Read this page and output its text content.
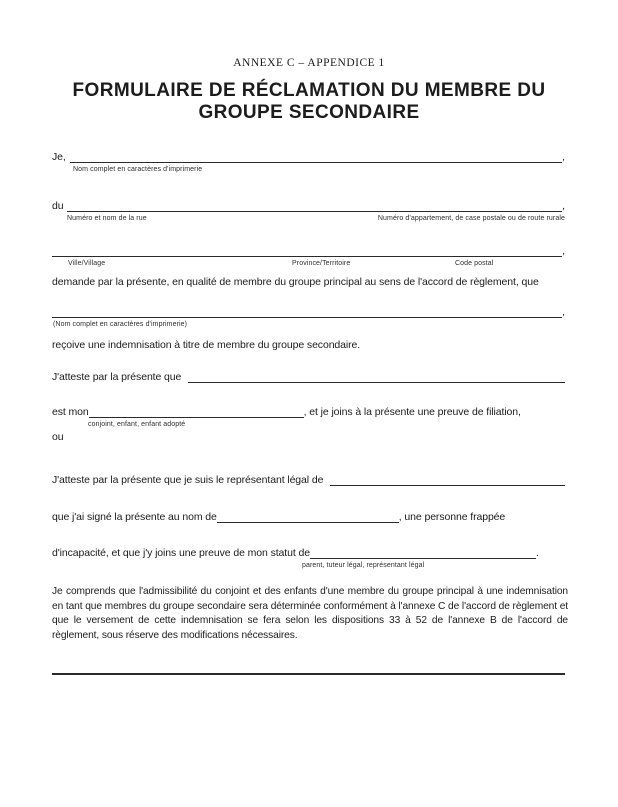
ANNEXE C – APPENDICE 1
FORMULAIRE DE RÉCLAMATION DU MEMBRE DU GROUPE SECONDAIRE
Je,	,
Nom complet en caractères d'imprimerie
du	,
Numéro et nom de la rue	Numéro d'appartement, de case postale ou de route rurale
,
Ville/Village	Province/Territoire	Code postal
demande par la présente, en qualité de membre du groupe principal au sens de l'accord de règlement, que
,
(Nom complet en caractères d'imprimerie)
reçoive une indemnisation à titre de membre du groupe secondaire.
J'atteste par la présente que
est mon	, et je joins à la présente une preuve de filiation,
conjoint, enfant, enfant adopté
ou
J'atteste par la présente que je suis le représentant légal de
que j'ai signé la présente au nom de	, une personne frappée
d'incapacité, et que j'y joins une preuve de mon statut de	.
parent, tuteur légal, représentant légal
Je comprends que l'admissibilité du conjoint et des enfants d'une membre du groupe principal à une indemnisation en tant que membres du groupe secondaire sera déterminée conformément à l'annexe C de l'accord de règlement et que le versement de cette indemnisation se fera selon les dispositions 33 à 52 de l'annexe B de l'accord de règlement, sous réserve des modifications nécessaires.
